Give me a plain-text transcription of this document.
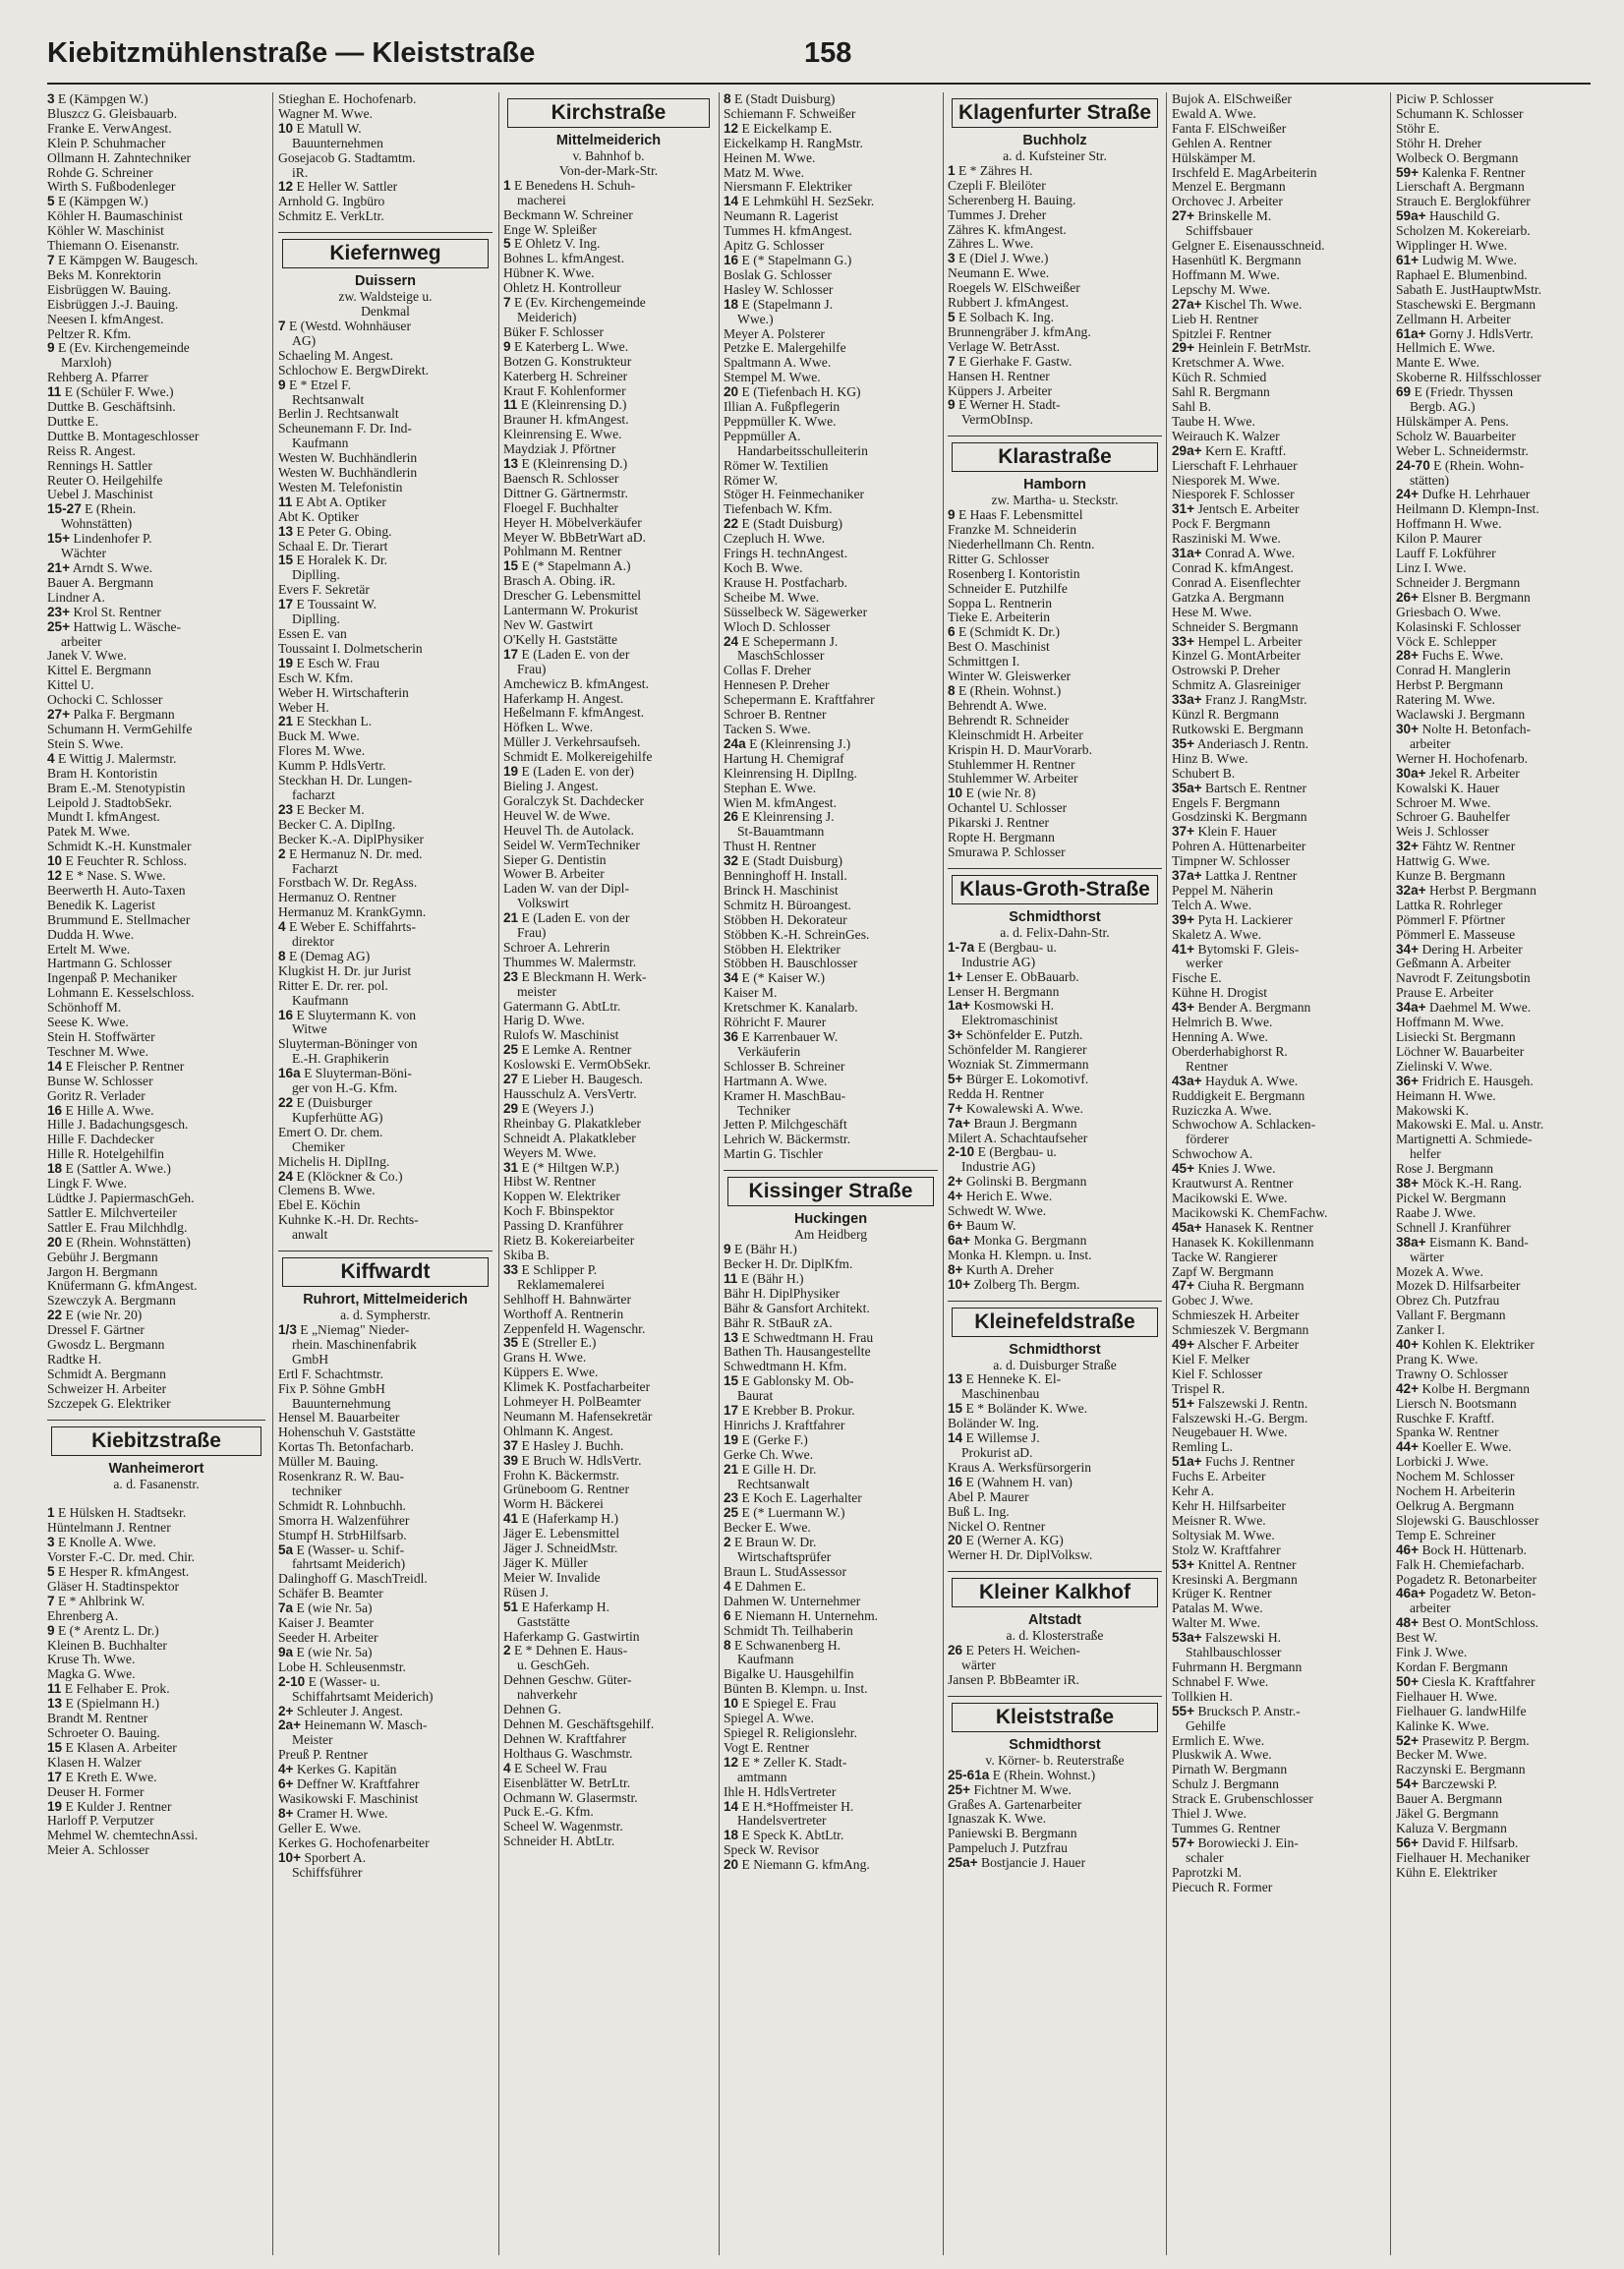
Kiebitzmühlenstraße — Kleiststraße	158
3 E (Kämpgen W.)
Bluszcz G. Gleisbauarb.
Franke E. VerwAngest.
Klein P. Schuhmacher
Ollmann H. Zahntechniker
Rohde G. Schreiner
Wirth S. Fußbodenleger
5 E (Kämpgen W.)
Köhler H. Baumaschinist
Köhler W. Maschinist
Thiemann O. Eisenanstr.
7 E Kämpgen W. Baugesch.
Beks M. Konrektorin
Eisbrüggen W. Bauing.
Eisbrüggen J.-J. Bauing.
Neesen I. kfmAngest.
Peltzer R. Kfm.
9 E (Ev. Kirchengemeinde
Marxloh)
Rehberg A. Pfarrer
11 E (Schüler F. Wwe.)
Duttke B. Geschäftsinh.
Duttke E.
Duttke B. Montageschlosser
Reiss R. Angest.
Rennings H. Sattler
Reuter O. Heilgehilfe
Uebel J. Maschinist
15-27 E (Rhein.
Wohnstätten)
15+ Lindenhofer P.
Wächter
21+ Arndt S. Wwe.
Bauer A. Bergmann
Lindner A.
23+ Krol St. Rentner
25+ Hattwig L. Wäsche-
arbeiter
Janek V. Wwe.
Kittel E. Bergmann
Kittel U.
Ochocki C. Schlosser
27+ Palka F. Bergmann
Schumann H. VermGehilfe
Stein S. Wwe.
4 E Wittig J. Malermstr.
Bram H. Kontoristin
Bram E.-M. Stenotypistin
Leipold J. StadtobSekr.
Mundt I. kfmAngest.
Patek M. Wwe.
Schmidt K.-H. Kunstmaler
10 E Feuchter R. Schloss.
12 E * Nase. S. Wwe.
Beerwerth H. Auto-Taxen
Benedik K. Lagerist
Brummund E. Stellmacher
Dudda H. Wwe.
Ertelt M. Wwe.
Hartmann G. Schlosser
Ingenpaß P. Mechaniker
Lohmann E. Kesselschloss.
Schönhoff M.
Seese K. Wwe.
Stein H. Stoffwärter
Teschner M. Wwe.
14 E Fleischer P. Rentner
Bunse W. Schlosser
Goritz R. Verlader
16 E Hille A. Wwe.
Hille J. Badachungsgesch.
Hille F. Dachdecker
Hille R. Hotelgehilfin
18 E (Sattler A. Wwe.)
Lingk F. Wwe.
Lüdtke J. PapiermaschGeh.
Sattler E. Milchverteiler
Sattler E. Frau Milchhdlg.
20 E (Rhein. Wohnstätten)
Gebühr J. Bergmann
Jargon H. Bergmann
Knüfermann G. kfmAngest.
Szewczyk A. Bergmann
22 E (wie Nr. 20)
Dressel F. Gärtner
Gwosdz L. Bergmann
Radtke H.
Schmidt A. Bergmann
Schweizer H. Arbeiter
Szczepek G. Elektriker
Kiebitzstraße
Wanheimerort
a. d. Fasanenstr.

1 E Hülsken H. Stadtsekr.
Hüntelmann J. Rentner
3 E Knolle A. Wwe.
Vorster F.-C. Dr. med. Chir.
5 E Hesper R. kfmAngest.
Gläser H. Stadtinspektor
7 E * Ahlbrink W.
Ehrenberg A.
9 E (* Arentz L. Dr.)
Kleinen B. Buchhalter
Kruse Th. Wwe.
Magka G. Wwe.
11 E Felhaber E. Prok.
13 E (Spielmann H.)
Brandt M. Rentner
Schroeter O. Bauing.
15 E Klasen A. Arbeiter
Klasen H. Walzer
17 E Kreth E. Wwe.
Deuser H. Former
19 E Kulder J. Rentner
Harloff P. Verputzer
Mehmel W. chemtechnAssi.
Meier A. Schlosser
Stieghan E. Hochofenarb.
Wagner M. Wwe.
10 E Matull W.
Bauunternehmen
Gosejacob G. Stadtamtm.
iR.
12 E Heller W. Sattler
Arnhold G. Ingbüro
Schmitz E. VerkLtr.
Kiefernweg
Duissern
zw. Waldsteige u.
Denkmal
7 E (Westd. Wohnhäuser
AG)
Schaeling M. Angest.
Schlochow E. BergwDirekt.
9 E * Etzel F.
Rechtsanwalt
Berlin J. Rechtsanwalt
Scheunemann F. Dr. Ind-
Kaufmann
Westen W. Buchhändlerin
Westen W. Buchhändlerin
Westen M. Telefonistin
11 E Abt A. Optiker
Abt K. Optiker
13 E Peter G. Obing.
Schaal E. Dr. Tierart
15 E Horalek K. Dr.
Diplling.
Evers F. Sekretär
17 E Toussaint W.
Diplling.
Essen E. van
Toussaint I. Dolmetscherin
19 E Esch W. Frau
Esch W. Kfm.
Weber H. Wirtschafterin
Weber H.
21 E Steckhan L.
Buck M. Wwe.
Flores M. Wwe.
Kumm P. HdlsVertr.
Steckhan H. Dr. Lungen-
facharzt
23 E Becker M.
Becker C. A. DiplIng.
Becker K.-A. DiplPhysiker
2 E Hermanuz N. Dr. med.
Facharzt
Forstbach W. Dr. RegAss.
Hermanuz O. Rentner
Hermanuz M. KrankGymn.
4 E Weber E. Schiffahrts-
direktor
8 E (Demag AG)
Klugkist H. Dr. jur Jurist
Ritter E. Dr. rer. pol.
Kaufmann
16 E Sluytermann K. von
Witwe
Sluyterman-Böninger von
E.-H. Graphikerin
16a E Sluyterman-Böni-
ger von H.-G. Kfm.
22 E (Duisburger
Kupferhütte AG)
Emert O. Dr. chem.
Chemiker
Michelis H. DiplIng.
24 E (Klöckner & Co.)
Clemens B. Wwe.
Ebel E. Köchin
Kuhnke K.-H. Dr. Rechts-
anwalt
Kiffwardt
Ruhrort, Mittelmeiderich
a. d. Sympherstr.
1/3 E „Niemag" Nieder-
rhein. Maschinenfabrik
GmbH
Ertl F. Schachtmstr.
Fix P. Söhne GmbH
Bauunternehmung
Hensel M. Bauarbeiter
Hohenschuh V. Gaststätte
Kortas Th. Betonfacharb.
Müller M. Bauing.
Rosenkranz R. W. Bau-
techniker
Schmidt R. Lohnbuchh.
Smorra H. Walzenführer
Stumpf H. StrbHilfsarb.
5a E (Wasser- u. Schif-
fahrtsamt Meiderich)
Dalinghoff G. MaschTreidl.
Schäfer B. Beamter
7a E (wie Nr. 5a)
Kaiser J. Beamter
Seeder H. Arbeiter
9a E (wie Nr. 5a)
Lobe H. Schleusenmstr.
2-10 E (Wasser- u.
Schiffahrtsamt Meiderich)
2+ Schleuter J. Angest.
2a+ Heinemann W. Masch-
Meister
Preuß P. Rentner
4+ Kerkes G. Kapitän
6+ Deffner W. Kraftfahrer
Wasikowski F. Maschinist
8+ Cramer H. Wwe.
Geller E. Wwe.
Kerkes G. Hochofenarbeiter
10+ Sporbert A.
Schiffsführer
Kirchstraße
Mittelmeiderich
v. Bahnhof b.
Von-der-Mark-Str.
1 E Benedens H. Schuh-
macherei
Beckmann W. Schreiner
Enge W. Spleißer
5 E Ohletz V. Ing.
Bohnes L. kfmAngest.
Hübner K. Wwe.
Ohletz H. Kontrolleur
7 E (Ev. Kirchengemeinde
Meiderich)
Büker F. Schlosser
9 E Katerberg L. Wwe.
Botzen G. Konstrukteur
Katerberg H. Schreiner
Kraut F. Kohlenformer
11 E (Kleinrensing D.)
Brauner H. kfmAngest.
Kleinrensing E. Wwe.
Maydziak J. Pförtner
13 E (Kleinrensing D.)
Baensch R. Schlosser
Dittner G. Gärtnermstr.
Floegel F. Buchhalter
Heyer H. Möbelverkäufer
Meyer W. BbBetrWart aD.
Pohlmann M. Rentner
15 E (* Stapelmann A.)
Brasch A. Obing. iR.
Drescher G. Lebensmittel
Lantermann W. Prokurist
Nev W. Gastwirt
O'Kelly H. Gaststätte
17 E (Laden E. von der
Frau)
Amchewicz B. kfmAngest.
Haferkamp H. Angest.
Heßelmann F. kfmAngest.
Höfken L. Wwe.
Müller J. Verkehrsaufseh.
Schmidt E. Molkereigehilfe
19 E (Laden E. von der)
Bieling J. Angest.
Goralczyk St. Dachdecker
Heuvel W. de Wwe.
Heuvel Th. de Autolack.
Seidel W. VermTechniker
Sieper G. Dentistin
Wower B. Arbeiter
Laden W. van der Dipl-
Volkswirt
21 E (Laden E. von der
Frau)
Schroer A. Lehrerin
Thummes W. Malermstr.
23 E Bleckmann H. Werk-
meister
Gatermann G. AbtLtr.
Harig D. Wwe.
Rulofs W. Maschinist
25 E Lemke A. Rentner
Koslowski E. VermObSekr.
27 E Lieber H. Baugesch.
Hausschulz A. VersVertr.
29 E (Weyers J.)
Rheinbay G. Plakatkleber
Schneidt A. Plakatkleber
Weyers M. Wwe.
31 E (* Hiltgen W.P.)
Hibst W. Rentner
Koppen W. Elektriker
Koch F. Bbinspektor
Passing D. Kranführer
Rietz B. Kokereiarbeiter
Skiba B.
33 E Schlipper P.
Reklamemalerei
Sehlhoff H. Bahnwärter
Worthoff A. Rentnerin
Zeppenfeld H. Wagenschr.
35 E (Streller E.)
Grans H. Wwe.
Küppers E. Wwe.
Klimek K. Postfacharbeiter
Lohmeyer H. PolBeamter
Neumann M. Hafensekretär
Ohlmann K. Angest.
37 E Hasley J. Buchh.
39 E Bruch W. HdlsVertr.
Frohn K. Bäckermstr.
Grüneboom G. Rentner
Worm H. Bäckerei
41 E (Haferkamp H.)
Jäger E. Lebensmittel
Jäger J. SchneidMstr.
Jäger K. Müller
Meier W. Invalide
Rüsen J.
51 E Haferkamp H.
Gaststätte
Haferkamp G. Gastwirtin
2 E * Dehnen E. Haus-
u. GeschGeh.
Dehnen Geschw. Güter-
nahverkehr
Dehnen G.
Dehnen M. Geschäftsgehilf.
Dehnen W. Kraftfahrer
Holthaus G. Waschmstr.
4 E Scheel W. Frau
Eisenblätter W. BetrLtr.
Ochmann W. Glasermstr.
Puck E.-G. Kfm.
Scheel W. Wagenmstr.
Schneider H. AbtLtr.
8 E (Stadt Duisburg)
Schiemann F. Schweißer
12 E Eickelkamp E.
Eickelkamp H. RangMstr.
Heinen M. Wwe.
Matz M. Wwe.
Niersmann F. Elektriker
14 E Lehmkühl H. SezSekr.
Neumann R. Lagerist
Tummes H. kfmAngest.
Apitz G. Schlosser
16 E (* Stapelmann G.)
Boslak G. Schlosser
Hasley W. Schlosser
18 E (Stapelmann J.
Wwe.)
Meyer A. Polsterer
Petzke E. Malergehilfe
Spaltmann A. Wwe.
Stempel M. Wwe.
20 E (Tiefenbach H. KG)
Illian A. Fußpflegerin
Peppmüller K. Wwe.
Peppmüller A.
Handarbeitsschulleiterin
Römer W. Textilien
Römer W.
Stöger H. Feinmechaniker
Tiefenbach W. Kfm.
22 E (Stadt Duisburg)
Czepluch H. Wwe.
Frings H. technAngest.
Koch B. Wwe.
Krause H. Postfacharb.
Scheibe M. Wwe.
Süsselbeck W. Sägewerker
Wloch D. Schlosser
24 E Schepermann J.
MaschSchlosser
Collas F. Dreher
Hennesen P. Dreher
Schepermann E. Kraftfahrer
Schroer B. Rentner
Tacken S. Wwe.
24a E (Kleinrensing J.)
Hartung H. Chemigraf
Kleinrensing H. DiplIng.
Stephan E. Wwe.
Wien M. kfmAngest.
26 E Kleinrensing J.
St-Bauamtmann
Thust H. Rentner
32 E (Stadt Duisburg)
Benninghoff H. Install.
Brinck H. Maschinist
Schmitz H. Büroangest.
Stöbben H. Dekorateur
Stöbben K.-H. SchreinGes.
Stöbben H. Elektriker
Stöbben H. Bauschlosser
34 E (* Kaiser W.)
Kaiser M.
Kretschmer K. Kanalarb.
Röhricht F. Maurer
36 E Karrenbauer W.
Verkäuferin
Schlosser B. Schreiner
Hartmann A. Wwe.
Kramer H. MaschBau-
Techniker
Jetten P. Milchgeschäft
Lehrich W. Bäckermstr.
Martin G. Tischler
Kissinger Straße
Huckingen
Am Heidberg
9 E (Bähr H.)
Becker H. Dr. DiplKfm.
11 E (Bähr H.)
Bähr H. DiplPhysiker
Bähr & Gansfort Architekt.
Bähr R. StBauR zA.
13 E Schwedtmann H. Frau
Bathen Th. Hausangestellte
Schwedtmann H. Kfm.
15 E Gablonsky M. Ob-
Baurat
17 E Krebber B. Prokur.
Hinrichs J. Kraftfahrer
19 E (Gerke F.)
Gerke Ch. Wwe.
21 E Gille H. Dr.
Rechtsanwalt
23 E Koch E. Lagerhalter
25 E (* Luermann W.)
Becker E. Wwe.
2 E Braun W. Dr.
Wirtschaftsprüfer
Braun L. StudAssessor
4 E Dahmen E.
Dahmen W. Unternehmer
6 E Niemann H. Unternehm.
Schmidt Th. Teilhaberin
8 E Schwanenberg H.
Kaufmann
Bigalke U. Hausgehilfin
Bünten B. Klempn. u. Inst.
10 E Spiegel E. Frau
Spiegel A. Wwe.
Spiegel R. Religionslehr.
Vogt E. Rentner
12 E * Zeller K. Stadt-
amtmann
Ihle H. HdlsVertreter
14 E H.*Hoffmeister H.
Handelsvertreter
18 E Speck K. AbtLtr.
Speck W. Revisor
20 E Niemann G. kfmAng.
Klagenfurter Straße
Buchholz
a. d. Kufsteiner Str.
1 E * Zähres H.
Czepli F. Bleilöter
Scherenberg H. Bauing.
Tummes J. Dreher
Zähres K. kfmAngest.
Zähres L. Wwe.
3 E (Diel J. Wwe.)
Neumann E. Wwe.
Roegels W. ElSchweißer
Rubbert J. kfmAngest.
5 E Solbach K. Ing.
Brunnengräber J. kfmAng.
Verlage W. BetrAsst.
7 E Gierhake F. Gastw.
Hansen H. Rentner
Küppers J. Arbeiter
9 E Werner H. Stadt-
VermObInsp.
Klarastraße
Hamborn
zw. Martha- u. Steckstr.
9 E Haas F. Lebensmittel
Franzke M. Schneiderin
Niederhellmann Ch. Rentn.
Ritter G. Schlosser
Rosenberg I. Kontoristin
Schneider E. Putzhilfe
Soppa L. Rentnerin
Tieke E. Arbeiterin
6 E (Schmidt K. Dr.)
Best O. Maschinist
Schmittgen I.
Winter W. Gleiswerker
8 E (Rhein. Wohnst.)
Behrendt A. Wwe.
Behrendt R. Schneider
Kleinschmidt H. Arbeiter
Krispin H. D. MaurVorarb.
Stuhlemmer H. Rentner
Stuhlemmer W. Arbeiter
10 E (wie Nr. 8)
Ochantel U. Schlosser
Pikarski J. Rentner
Ropte H. Bergmann
Smurawa P. Schlosser
Klaus-Groth-Straße
Schmidthorst
a. d. Felix-Dahn-Str.
1-7a E (Bergbau- u.
Industrie AG)
1+ Lenser E. ObBauarb.
Lenser H. Bergmann
1a+ Kosmowski H.
Elektromaschinist
3+ Schönfelder E. Putzh.
Schönfelder M. Rangierer
Wozniak St. Zimmermann
5+ Bürger E. Lokomotivf.
Redda H. Rentner
7+ Kowalewski A. Wwe.
7a+ Braun J. Bergmann
Milert A. Schachtaufseher
2-10 E (Bergbau- u.
Industrie AG)
2+ Golinski B. Bergmann
4+ Herich E. Wwe.
Schwedt W. Wwe.
6+ Baum W.
6a+ Monka G. Bergmann
Monka H. Klempn. u. Inst.
8+ Kurth A. Dreher
10+ Zolberg Th. Bergm.
Kleinefeldstraße
Schmidthorst
a. d. Duisburger Straße
13 E Henneke K. El-
Maschinenbau
15 E * Boländer K. Wwe.
Boländer W. Ing.
14 E Willemse J.
Prokurist aD.
Kraus A. Werksfürsorgerin
16 E (Wahnem H. van)
Abel P. Maurer
Buß L. Ing.
Nickel O. Rentner
20 E (Werner A. KG)
Werner H. Dr. DiplVolksw.
Kleiner Kalkhof
Altstadt
a. d. Klosterstraße
26 E Peters H. Weichen-
wärter
Jansen P. BbBeamter iR.
Kleiststraße
Schmidthorst
v. Körner- b. Reuterstraße
25-61a E (Rhein. Wohnst.)
25+ Fichtner M. Wwe.
Graßes A. Gartenarbeiter
Ignaszak K. Wwe.
Paniewski B. Bergmann
Pampeluch J. Putzfrau
25a+ Bostjancie J. Hauer
Bujok A. ElSchweißer
Ewald A. Wwe.
Fanta F. ElSchweißer
Gehlen A. Rentner
Hülskämper M.
Irschfeld E. MagArbeiterin
Menzel E. Bergmann
Orchovec J. Arbeiter
27+ Brinskelle M.
Schiffsbauer
Gelgner E. Eisenausschneid.
Hasenhütl K. Bergmann
Hoffmann M. Wwe.
Lepschy M. Wwe.
27a+ Kischel Th. Wwe.
Lieb H. Rentner
Spitzlei F. Rentner
29+ Heinlein F. BetrMstr.
Kretschmer A. Wwe.
Küch R. Schmied
Sahl R. Bergmann
Sahl B.
Taube H. Wwe.
Weirauch K. Walzer
29a+ Kern E. Kraftf.
Lierschaft F. Lehrhauer
Niesporek M. Wwe.
Niesporek F. Schlosser
31+ Jentsch E. Arbeiter
Pock F. Bergmann
Rasziniski M. Wwe.
31a+ Conrad A. Wwe.
Conrad K. kfmAngest.
Conrad A. Eisenflechter
Gatzka A. Bergmann
Hese M. Wwe.
Schneider S. Bergmann
33+ Hempel L. Arbeiter
Kinzel G. MontArbeiter
Ostrowski P. Dreher
Schmitz A. Glasreiniger
33a+ Franz J. RangMstr.
Künzl R. Bergmann
Rutkowski E. Bergmann
35+ Anderiasch J. Rentn.
Hinz B. Wwe.
Schubert B.
35a+ Bartsch E. Rentner
Engels F. Bergmann
Gosdzinski K. Bergmann
37+ Klein F. Hauer
Pohren A. Hüttenarbeiter
Timpner W. Schlosser
37a+ Lattka J. Rentner
Peppel M. Näherin
Telch A. Wwe.
39+ Pyta H. Lackierer
Skaletz A. Wwe.
41+ Bytomski F. Gleis-
werker
Fische E.
Kühne H. Drogist
43+ Bender A. Bergmann
Helmrich B. Wwe.
Henning A. Wwe.
Oberderhabighorst R.
Rentner
43a+ Hayduk A. Wwe.
Ruddigkeit E. Bergmann
Ruziczka A. Wwe.
Schwochow A. Schlacken-
förderer
Schwochow A.
45+ Knies J. Wwe.
Krautwurst A. Rentner
Macikowski E. Wwe.
Macikowski K. ChemFachw.
45a+ Hanasek K. Rentner
Hanasek K. Kokillenmann
Tacke W. Rangierer
Zapf W. Bergmann
47+ Ciuha R. Bergmann
Gobec J. Wwe.
Schmieszek H. Arbeiter
Schmieszek V. Bergmann
49+ Alscher F. Arbeiter
Kiel F. Melker
Kiel F. Schlosser
Trispel R.
51+ Falszewski J. Rentn.
Falszewski H.-G. Bergm.
Neugebauer H. Wwe.
Remling L.
51a+ Fuchs J. Rentner
Fuchs E. Arbeiter
Kehr A.
Kehr H. Hilfsarbeiter
Meisner R. Wwe.
Soltysiak M. Wwe.
Stolz W. Kraftfahrer
53+ Knittel A. Rentner
Kresinski A. Bergmann
Krüger K. Rentner
Patalas M. Wwe.
Walter M. Wwe.
53a+ Falszewski H.
Stahlbauschlosser
Fuhrmann H. Bergmann
Schnabel F. Wwe.
Tollkien H.
55+ Brucksch P. Anstr.-
Gehilfe
Ermlich E. Wwe.
Pluskwik A. Wwe.
Pirnath W. Bergmann
Schulz J. Bergmann
Strack E. Grubenschlosser
Thiel J. Wwe.
Tummes G. Rentner
57+ Borowiecki J. Ein-
schaler
Paprotzki M.
Piecuch R. Former
Piciw P. Schlosser
Schumann K. Schlosser
Stöhr E.
Stöhr H. Dreher
Wolbeck O. Bergmann
59+ Kalenka F. Rentner
Lierschaft A. Bergmann
Strauch E. Berglokführer
59a+ Hauschild G.
Scholzen M. Kokereiarb.
Wipplinger H. Wwe.
61+ Ludwig M. Wwe.
Raphael E. Blumenbind.
Sabath E. JustHauptwMstr.
Staschewski E. Bergmann
Zellmann H. Arbeiter
61a+ Gorny J. HdlsVertr.
Hellmich E. Wwe.
Mante E. Wwe.
Skoberne R. Hilfsschlosser
69 E (Friedr. Thyssen
Bergb. AG.)
Hülskämper A. Pens.
Scholz W. Bauarbeiter
Weber L. Schneidermstr.
24-70 E (Rhein. Wohn-
stätten)
24+ Dufke H. Lehrhauer
Heilmann D. Klempn-Inst.
Hoffmann H. Wwe.
Kilon P. Maurer
Lauff F. Lokführer
Linz I. Wwe.
Schneider J. Bergmann
26+ Elsner B. Bergmann
Griesbach O. Wwe.
Kolasinski F. Schlosser
Vöck E. Schlepper
28+ Fuchs E. Wwe.
Conrad H. Manglerin
Herbst P. Bergmann
Ratering M. Wwe.
Waclawski J. Bergmann
30+ Nolte H. Betonfach-
arbeiter
Werner H. Hochofenarb.
30a+ Jekel R. Arbeiter
Kowalski K. Hauer
Schroer M. Wwe.
Schroer G. Bauhelfer
Weis J. Schlosser
32+ Fähtz W. Rentner
Hattwig G. Wwe.
Kunze B. Bergmann
32a+ Herbst P. Bergmann
Lattka R. Rohrleger
Pömmerl F. Pförtner
Pömmerl E. Masseuse
34+ Dering H. Arbeiter
Geßmann A. Arbeiter
Navrodt F. Zeitungsbotin
Prause E. Arbeiter
34a+ Daehmel M. Wwe.
Hoffmann M. Wwe.
Lisiecki St. Bergmann
Löchner W. Bauarbeiter
Zielinski V. Wwe.
36+ Fridrich E. Hausgeh.
Heimann H. Wwe.
Makowski K.
Makowski E. Mal. u. Anstr.
Martignetti A. Schmiede-
helfer
Rose J. Bergmann
38+ Möck K.-H. Rang.
Pickel W. Bergmann
Raabe J. Wwe.
Schnell J. Kranführer
38a+ Eismann K. Band-
wärter
Mozek A. Wwe.
Mozek D. Hilfsarbeiter
Obrez Ch. Putzfrau
Vallant F. Bergmann
Zanker I.
40+ Kohlen K. Elektriker
Prang K. Wwe.
Trawny O. Schlosser
42+ Kolbe H. Bergmann
Liersch N. Bootsmann
Ruschke F. Kraftf.
Spanka W. Rentner
44+ Koeller E. Wwe.
Lorbicki J. Wwe.
Nochem M. Schlosser
Nochem H. Arbeiterin
Oelkrug A. Bergmann
Slojewski G. Bauschlosser
Temp E. Schreiner
46+ Bock H. Hüttenarb.
Falk H. Chemiefacharb.
Pogadetz R. Betonarbeiter
46a+ Pogadetz W. Beton-
arbeiter
48+ Best O. MontSchloss.
Best W.
Fink J. Wwe.
Kordan F. Bergmann
50+ Ciesla K. Kraftfahrer
Fielhauer H. Wwe.
Fielhauer G. landwHilfe
Kalinke K. Wwe.
52+ Prasewitz P. Bergm.
Becker M. Wwe.
Raczynski E. Bergmann
54+ Barczewski P.
Bauer A. Bergmann
Jäkel G. Bergmann
Kaluza V. Bergmann
56+ David F. Hilfsarb.
Fielhauer H. Mechaniker
Kühn E. Elektriker
